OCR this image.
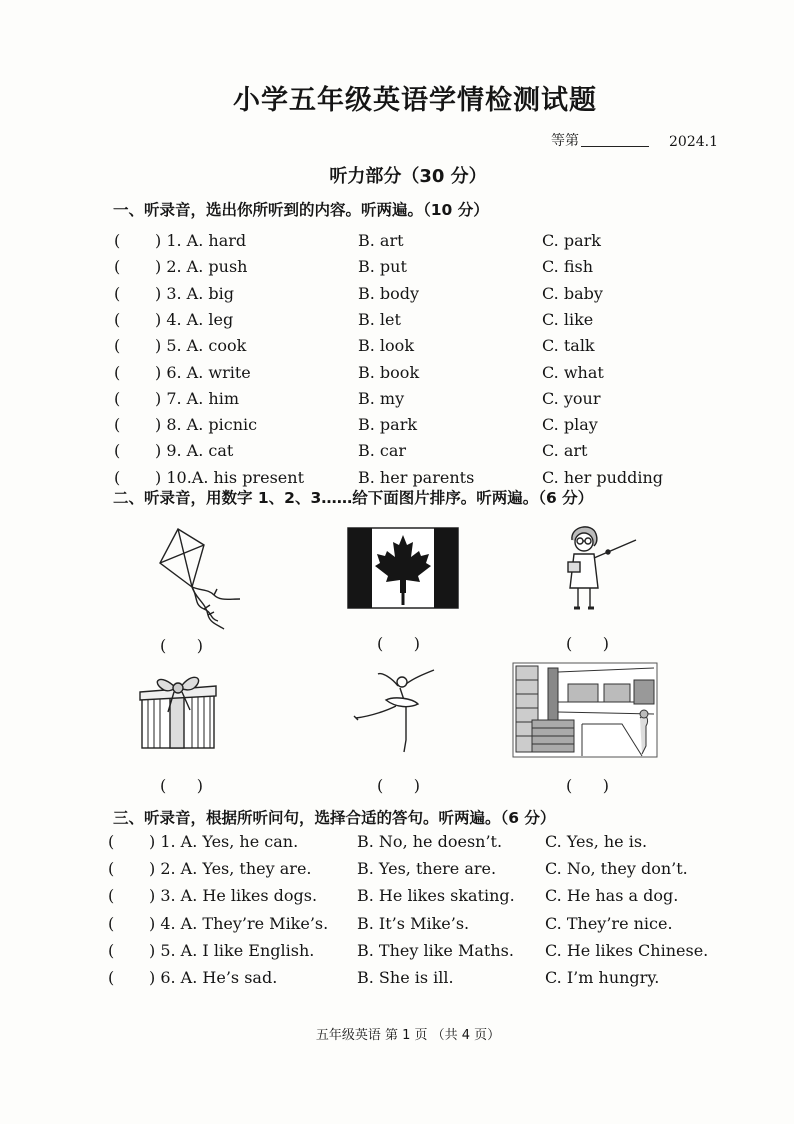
小学五年级英语学情检测试题
等第	2024.1
听力部分（30 分）
一、听录音，选出你所听到的内容。听两遍。（10 分）
( ) 1. A. hard	B. art	C. park
( ) 2. A. push	B. put	C. fish
( ) 3. A. big	B. body	C. baby
( ) 4. A. leg	B. let	C. like
( ) 5. A. cook	B. look	C. talk
( ) 6. A. write	B. book	C. what
( ) 7. A. him	B. my	C. your
( ) 8. A. picnic	B. park	C. play
( ) 9. A. cat	B. car	C. art
( ) 10.A. his present	B. her parents	C. her pudding
二、听录音，用数字 1、2、3……给下面图片排序。听两遍。（6 分）
(      )	(      )	(      )
(      )	(      )	(      )
三、听录音，根据所听问句，选择合适的答句。听两遍。（6 分）
( ) 1. A. Yes, he can.	B. No, he doesn’t.	C. Yes, he is.
( ) 2. A. Yes, they are.	B. Yes, there are.	C. No, they don’t.
( ) 3. A. He likes dogs. B. He likes skating. C. He has a dog.
( ) 4. A. They’re Mike’s. B. It’s Mike’s.	C. They’re nice.
( ) 5. A. I like English.	B. They like Maths. C. He likes Chinese.
( ) 6. A. He’s sad.	B. She is ill.	C. I’m hungry.
五年级英语 第 1 页 （共 4 页）
